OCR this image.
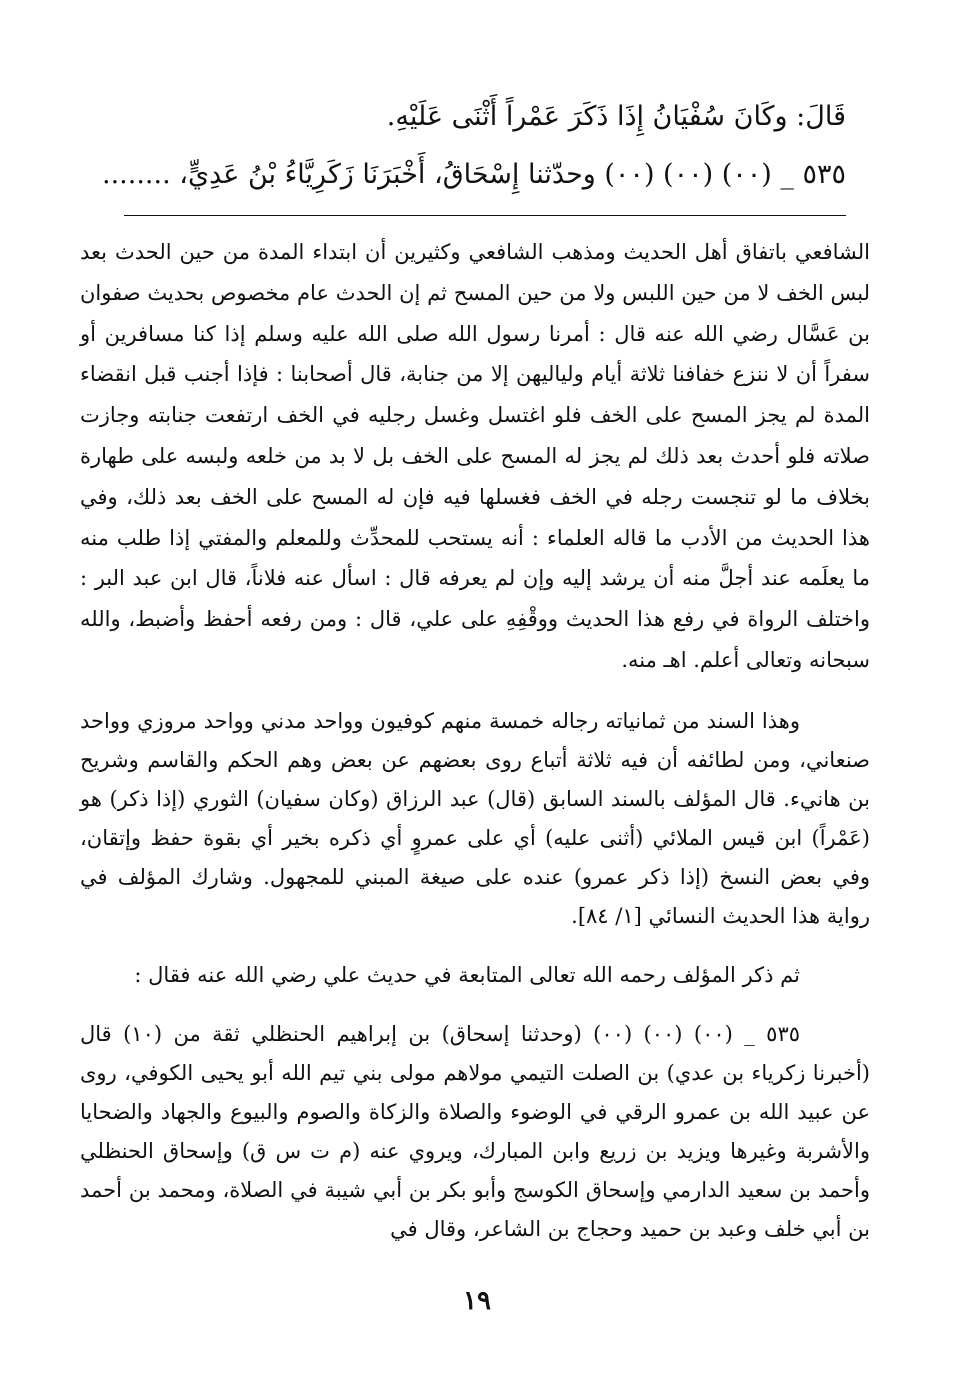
قَالَ: وكَانَ سُفْيَانُ إِذَا ذَكَرَ عَمْراً أَثْنَى عَلَيْهِ.
٥٣٥ _ (٠٠) (٠٠) (٠٠) وحدّثنا إِسْحَاقُ، أَخْبَرَنَا زَكَرِيَّاءُ بْنُ عَدِيٍّ، ........
الشافعي باتفاق أهل الحديث ومذهب الشافعي وكثيرين أن ابتداء المدة من حين الحدث بعد لبس الخف لا من حين اللبس ولا من حين المسح ثم إن الحدث عام مخصوص بحديث صفوان بن عَسَّال رضي الله عنه قال : أمرنا رسول الله صلى الله عليه وسلم إذا كنا مسافرين أو سفراً أن لا ننزع خفافنا ثلاثة أيام ولياليهن إلا من جنابة، قال أصحابنا : فإذا أجنب قبل انقضاء المدة لم يجز المسح على الخف فلو اغتسل وغسل رجليه في الخف ارتفعت جنابته وجازت صلاته فلو أحدث بعد ذلك لم يجز له المسح على الخف بل لا بد من خلعه ولبسه على طهارة بخلاف ما لو تنجست رجله في الخف فغسلها فيه فإن له المسح على الخف بعد ذلك، وفي هذا الحديث من الأدب ما قاله العلماء : أنه يستحب للمحدِّث وللمعلم والمفتي إذا طلب منه ما يعلَمه عند أجلَّ منه أن يرشد إليه وإن لم يعرفه قال : اسأل عنه فلاناً، قال ابن عبد البر : واختلف الرواة في رفع هذا الحديث ووقْفِهِ على علي، قال : ومن رفعه أحفظ وأضبط، والله سبحانه وتعالى أعلم. اهـ منه.

وهذا السند من ثمانياته رجاله خمسة منهم كوفيون وواحد مدني وواحد مروزي وواحد صنعاني، ومن لطائفه أن فيه ثلاثة أتباع روى بعضهم عن بعض وهم الحكم والقاسم وشريح بن هانيء. قال المؤلف بالسند السابق (قال) عبد الرزاق (وكان سفيان) الثوري (إذا ذكر) هو (عَمْراً) ابن قيس الملائي (أثنى عليه) أي على عمروٍ أي ذكره بخير أي بقوة حفظ وإتقان، وفي بعض النسخ (إذا ذكر عمرو) عنده على صيغة المبني للمجهول. وشارك المؤلف في رواية هذا الحديث النسائي [١/ ٨٤].

ثم ذكر المؤلف رحمه الله تعالى المتابعة في حديث علي رضي الله عنه فقال :

٥٣٥ _ (٠٠) (٠٠) (٠٠) (وحدثنا إسحاق) بن إبراهيم الحنظلي ثقة من (١٠) قال (أخبرنا زكرياء بن عدي) بن الصلت التيمي مولاهم مولى بني تيم الله أبو يحيى الكوفي، روى عن عبيد الله بن عمرو الرقي في الوضوء والصلاة والزكاة والصوم والبيوع والجهاد والضحايا والأشربة وغيرها ويزيد بن زريع وابن المبارك، ويروي عنه (م ت س ق) وإسحاق الحنظلي وأحمد بن سعيد الدارمي وإسحاق الكوسج وأبو بكر بن أبي شيبة في الصلاة، ومحمد بن أحمد بن أبي خلف وعبد بن حميد وحجاج بن الشاعر، وقال في

١٩
